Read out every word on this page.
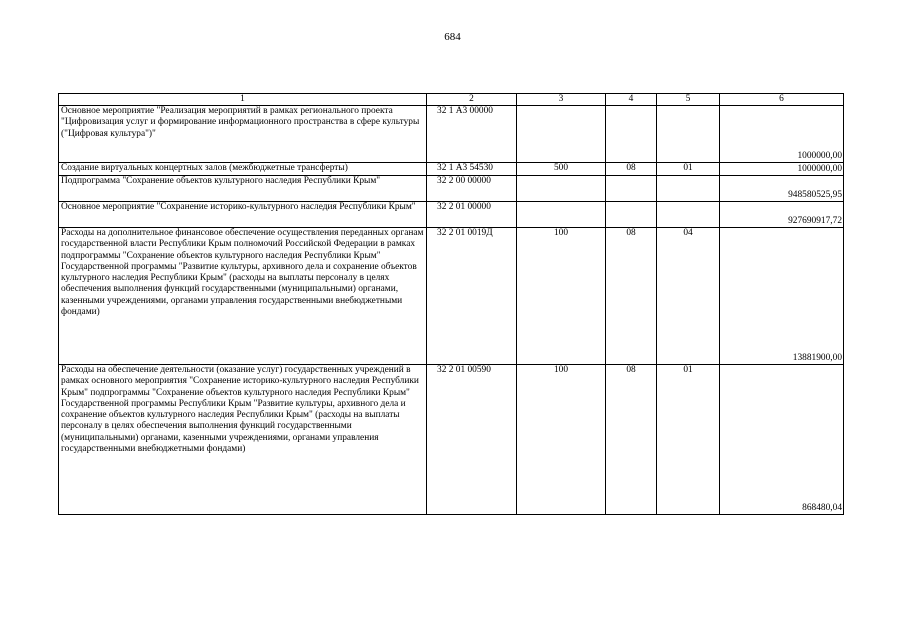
684
1	2	3	4	5	6
Основное мероприятие "Реализация мероприятий в рамках регионального проекта "Цифровизация услуг и формирование информационного пространства в сфере культуры ("Цифровая культура")"	32 1 А3 00000				1000000,00
Создание виртуальных концертных залов (межбюджетные трансферты)	32 1 А3 54530	500	08	01	1000000,00
Подпрограмма "Сохранение объектов культурного наследия Республики Крым"	32 2 00 00000				948580525,95
Основное мероприятие "Сохранение историко-культурного наследия Республики Крым"	32 2 01 00000				927690917,72
Расходы на дополнительное финансовое обеспечение осуществления переданных органам государственной власти Республики Крым полномочий Российской Федерации в рамках подпрограммы "Сохранение объектов культурного наследия Республики Крым" Государственной программы "Развитие культуры, архивного дела и сохранение объектов культурного наследия Республики Крым" (расходы на выплаты персоналу в целях обеспечения выполнения функций государственными (муниципальными) органами, казенными учреждениями, органами управления государственными внебюджетными фондами)	32 2 01 0019Д	100	08	04	13881900,00
Расходы на обеспечение деятельности (оказание услуг) государственных учреждений в рамках основного мероприятия "Сохранение историко-культурного наследия Республики Крым" подпрограммы "Сохранение объектов культурного наследия Республики Крым" Государственной программы Республики Крым "Развитие культуры, архивного дела и сохранение объектов культурного наследия Республики Крым" (расходы на выплаты персоналу в целях обеспечения выполнения функций государственными (муниципальными) органами, казенными учреждениями, органами управления государственными внебюджетными фондами)	32 2 01 00590	100	08	01	868480,04
